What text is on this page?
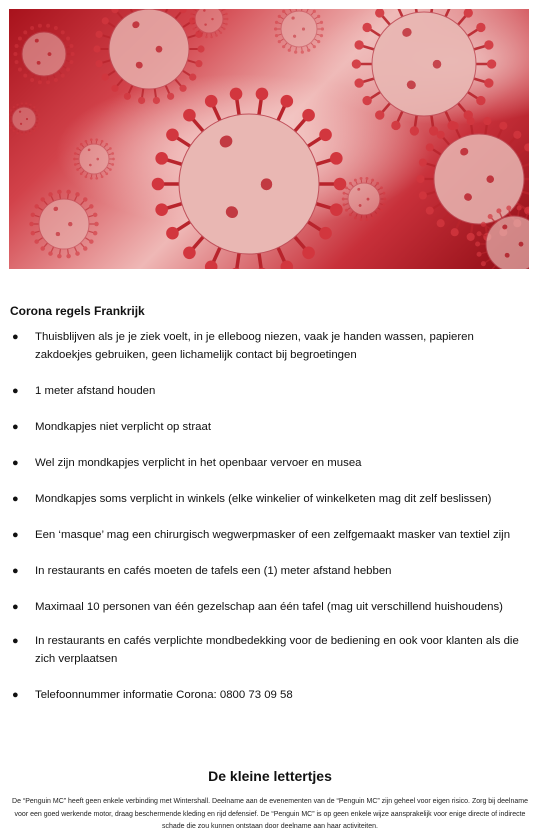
Corona regels Frankrijk
● Thuisblijven als je je ziek voelt, in je elleboog niezen, vaak je handen wassen, papieren zakdoekjes gebruiken, geen lichamelijk contact bij begroetingen
● 1 meter afstand houden
● Mondkapjes niet verplicht op straat
● Wel zijn mondkapjes verplicht in het openbaar vervoer en musea
● Mondkapjes soms verplicht in winkels (elke winkelier of winkelketen mag dit zelf beslissen)
● Een ‘masque’ mag een chirurgisch wegwerpmasker of een zelfgemaakt masker van textiel zijn
● In restaurants en cafés moeten de tafels een (1) meter afstand hebben
● Maximaal 10 personen van één gezelschap aan één tafel (mag uit verschillend huishoudens)
● In restaurants en cafés verplichte mondbedekking voor de bediening en ook voor klanten als die zich verplaatsen
● Telefoonnummer informatie Corona: 0800 73 09 58
De kleine lettertjes
De “Penguin MC” heeft geen enkele verbinding met Wintershall. Deelname aan de evenementen van de “Penguin MC” zijn geheel voor eigen risico. Zorg bij deelname voor een goed werkende motor, draag beschermende kleding en rijd defensief. De “Penguin MC” is op geen enkele wijze aansprakelijk voor enige directe of indirecte schade die zou kunnen ontstaan door deelname aan haar activiteiten.
